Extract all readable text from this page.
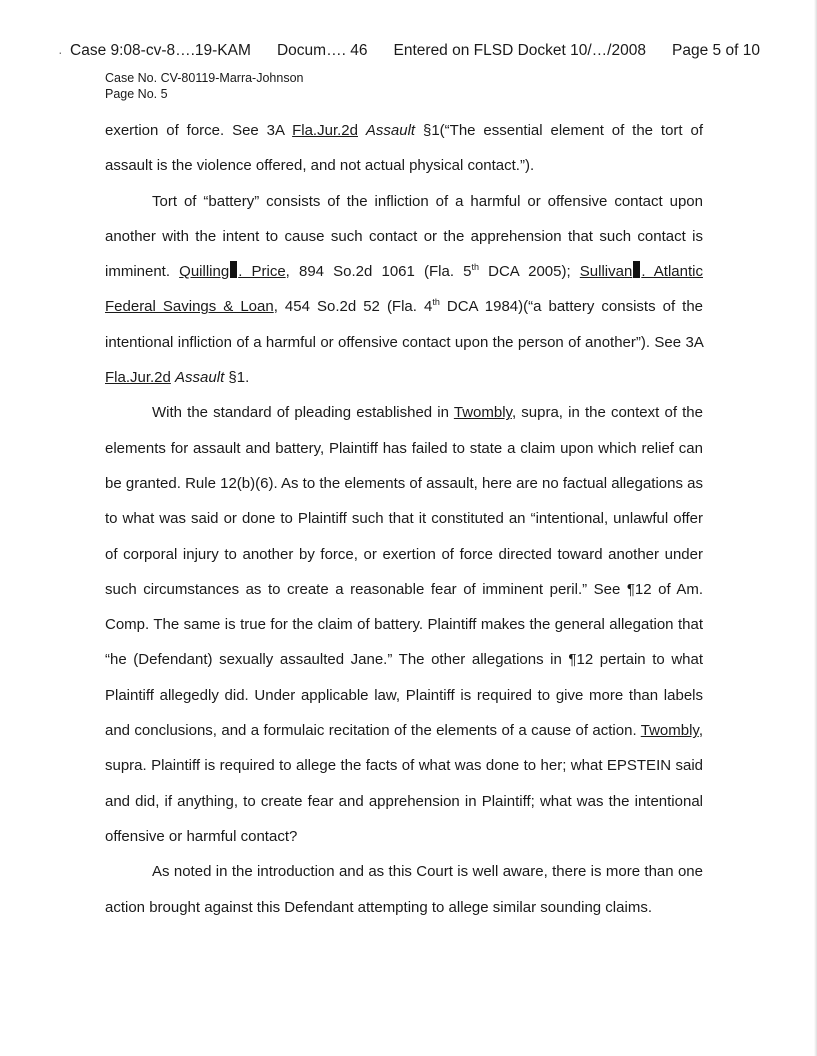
· Case 9:08-cv-8….19-KAM Docum…. 46 Entered on FLSD Docket 10/…/2008 Page 5 of 10
Case No. CV-80119-Marra-Johnson
Page No. 5

exertion of force. See 3A Fla.Jur.2d Assault §1(“The essential element of the tort of assault is the violence offered, and not actual physical contact.”).

Tort of “battery” consists of the infliction of a harmful or offensive contact upon another with the intent to cause such contact or the apprehension that such contact is imminent. Quilling . Price, 894 So.2d 1061 (Fla. 5th DCA 2005); Sullivan . Atlantic Federal Savings & Loan, 454 So.2d 52 (Fla. 4th DCA 1984)(“a battery consists of the intentional infliction of a harmful or offensive contact upon the person of another”). See 3A Fla.Jur.2d Assault §1.

With the standard of pleading established in Twombly, supra, in the context of the elements for assault and battery, Plaintiff has failed to state a claim upon which relief can be granted. Rule 12(b)(6). As to the elements of assault, here are no factual allegations as to what was said or done to Plaintiff such that it constituted an “intentional, unlawful offer of corporal injury to another by force, or exertion of force directed toward another under such circumstances as to create a reasonable fear of imminent peril.” See ¶12 of Am. Comp. The same is true for the claim of battery. Plaintiff makes the general allegation that “he (Defendant) sexually assaulted Jane.” The other allegations in ¶12 pertain to what Plaintiff allegedly did. Under applicable law, Plaintiff is required to give more than labels and conclusions, and a formulaic recitation of the elements of a cause of action. Twombly, supra. Plaintiff is required to allege the facts of what was done to her; what EPSTEIN said and did, if anything, to create fear and apprehension in Plaintiff; what was the intentional offensive or harmful contact?

As noted in the introduction and as this Court is well aware, there is more than one action brought against this Defendant attempting to allege similar sounding claims.
